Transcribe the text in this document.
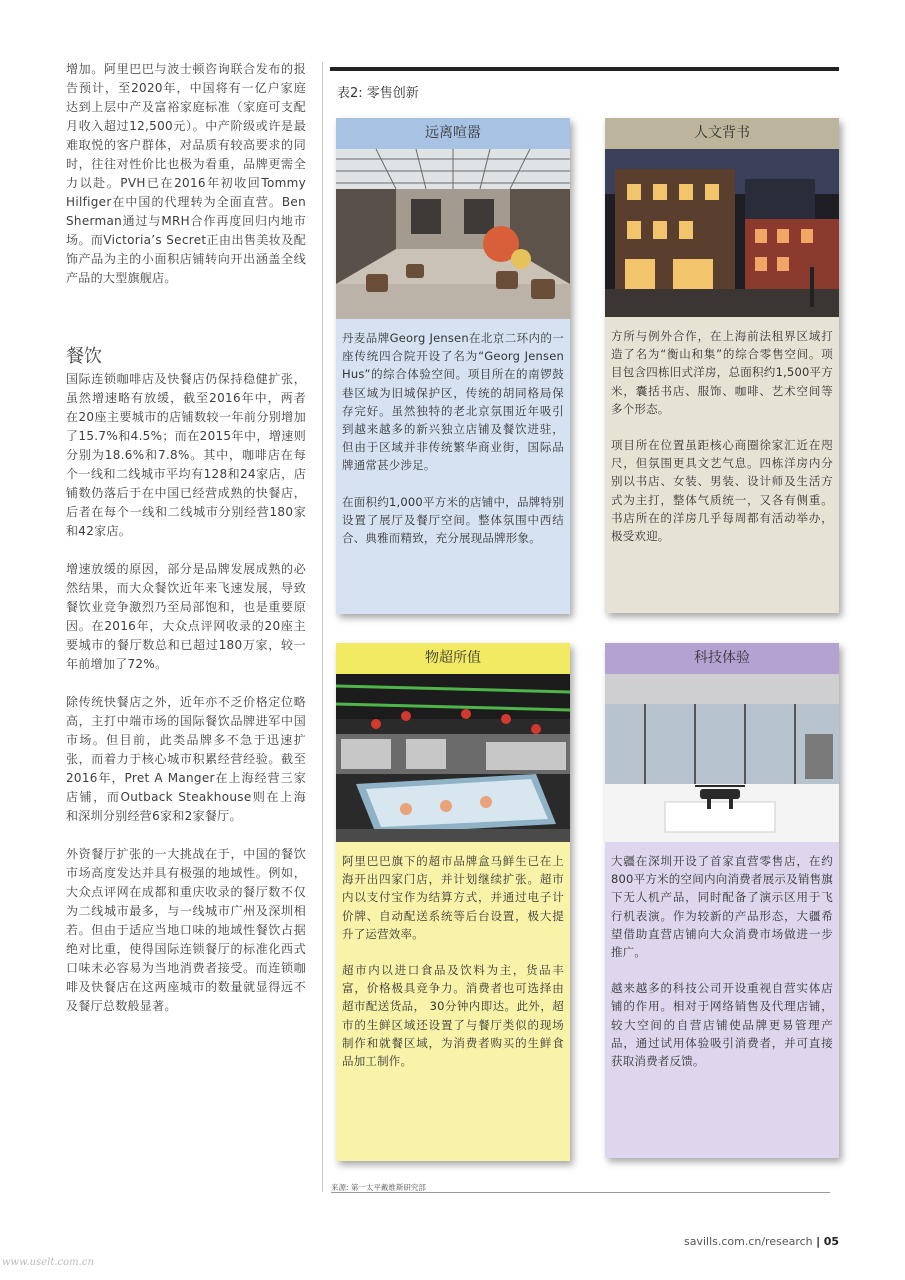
增加。阿里巴巴与波士顿咨询联合发布的报告预计，至2020年，中国将有一亿户家庭达到上层中产及富裕家庭标准（家庭可支配月收入超过12,500元）。中产阶级或许是最难取悦的客户群体，对品质有较高要求的同时，往往对性价比也极为看重，品牌更需全力以赴。PVH已在2016年初收回Tommy Hilfiger在中国的代理转为全面直营。Ben Sherman通过与MRH合作再度回归内地市场。而Victoria’s Secret正由出售美妆及配饰产品为主的小面积店铺转向开出涵盖全线产品的大型旗舰店。

餐饮

国际连锁咖啡店及快餐店仍保持稳健扩张，虽然增速略有放缓，截至2016年中，两者在20座主要城市的店铺数较一年前分别增加了15.7%和4.5%；而在2015年中，增速则分别为18.6%和7.8%。其中，咖啡店在每个一线和二线城市平均有128和24家店，店铺数仍落后于在中国已经营成熟的快餐店，后者在每个一线和二线城市分别经营180家和42家店。

增速放缓的原因，部分是品牌发展成熟的必然结果，而大众餐饮近年来飞速发展，导致餐饮业竞争激烈乃至局部饱和，也是重要原因。在2016年，大众点评网收录的20座主要城市的餐厅数总和已超过180万家，较一年前增加了72%。

除传统快餐店之外，近年亦不乏价格定位略高，主打中端市场的国际餐饮品牌进军中国市场。但目前，此类品牌多不急于迅速扩张，而着力于核心城市积累经营经验。截至2016年，Pret A Manger在上海经营三家店铺，而Outback Steakhouse则在上海和深圳分别经营6家和2家餐厅。

外资餐厅扩张的一大挑战在于，中国的餐饮市场高度发达并具有极强的地域性。例如，大众点评网在成都和重庆收录的餐厅数不仅为二线城市最多，与一线城市广州及深圳相若。但由于适应当地口味的地域性餐饮占据绝对比重，使得国际连锁餐厅的标准化西式口味未必容易为当地消费者接受。而连锁咖啡及快餐店在这两座城市的数量就显得远不及餐厅总数般显著。

表2: 零售创新
远离喧嚣

丹麦品牌Georg Jensen在北京二环内的一座传统四合院开设了名为“Georg Jensen Hus”的综合体验空间。项目所在的南锣鼓巷区域为旧城保护区，传统的胡同格局保存完好。虽然独特的老北京氛围近年吸引到越来越多的新兴独立店铺及餐饮进驻，但由于区域并非传统繁华商业街，国际品牌通常甚少涉足。

在面积约1,000平方米的店铺中，品牌特别设置了展厅及餐厅空间。整体氛围中西结合、典雅而精致，充分展现品牌形象。

人文背书

方所与例外合作，在上海前法租界区域打造了名为“衡山和集”的综合零售空间。项目包含四栋旧式洋房，总面积约1,500平方米，囊括书店、服饰、咖啡、艺术空间等多个形态。

项目所在位置虽距核心商圈徐家汇近在咫尺，但氛围更具文艺气息。四栋洋房内分别以书店、女装、男装、设计师及生活方式为主打，整体气质统一，又各有侧重。书店所在的洋房几乎每周都有活动举办，极受欢迎。

物超所值

阿里巴巴旗下的超市品牌盒马鲜生已在上海开出四家门店，并计划继续扩张。超市内以支付宝作为结算方式，并通过电子计价牌、自动配送系统等后台设置，极大提升了运营效率。

超市内以进口食品及饮料为主，货品丰富，价格极具竞争力。消费者也可选择由超市配送货品， 30分钟内即达。此外，超市的生鲜区域还设置了与餐厅类似的现场制作和就餐区域，为消费者购买的生鲜食品加工制作。

科技体验

大疆在深圳开设了首家直营零售店，在约800平方米的空间内向消费者展示及销售旗下无人机产品，同时配备了演示区用于飞行机表演。作为较新的产品形态，大疆希望借助直营店铺向大众消费市场做进一步推广。

越来越多的科技公司开设重视自营实体店铺的作用。相对于网络销售及代理店铺，较大空间的自营店铺使品牌更易管理产品，通过试用体验吸引消费者，并可直接获取消费者反馈。

来源: 第一太平戴维斯研究部
savills.com.cn/research | 05
www.uselt.com.cn
